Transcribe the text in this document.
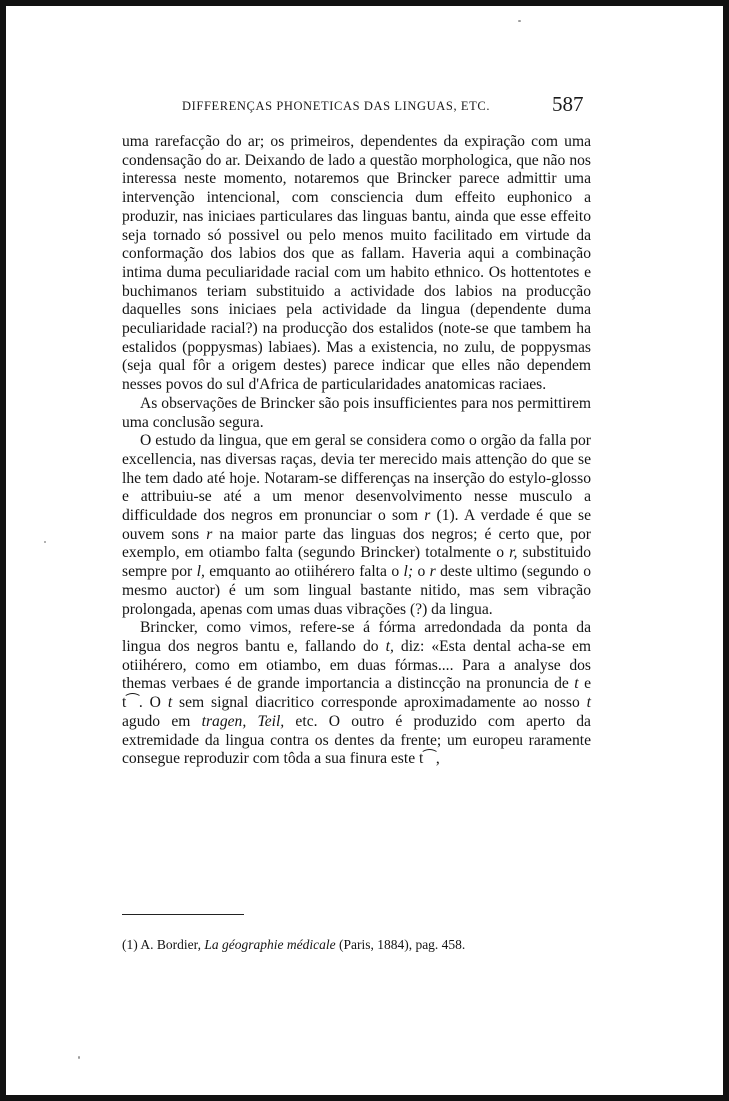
DIFFERENÇAS PHONETICAS DAS LINGUAS, ETC.	587

uma rarefacção do ar; os primeiros, dependentes da expiração com uma condensação do ar. Deixando de lado a questão morphologica, que não nos interessa neste momento, notaremos que Brincker parece admittir uma intervenção intencional, com consciencia dum effeito euphonico a produzir, nas iniciaes particulares das linguas bantu, ainda que esse effeito seja tornado só possivel ou pelo menos muito facilitado em virtude da conformação dos labios dos que as fallam. Haveria aqui a combinação intima duma peculiaridade racial com um habito ethnico. Os hottentotes e buchimanos teriam substituido a actividade dos labios na producção daquelles sons iniciaes pela actividade da lingua (dependente duma peculiaridade racial?) na producção dos estalidos (note-se que tambem ha estalidos (poppysmas) labiaes). Mas a existencia, no zulu, de poppysmas (seja qual fôr a origem destes) parece indicar que elles não dependem nesses povos do sul d'Africa de particularidades anatomicas raciaes.

As observações de Brincker são pois insufficientes para nos permittirem uma conclusão segura.

O estudo da lingua, que em geral se considera como o orgão da falla por excellencia, nas diversas raças, devia ter merecido mais attenção do que se lhe tem dado até hoje. Notaram-se differenças na inserção do estylo-glosso e attribuiu-se até a um menor desenvolvimento nesse musculo a difficuldade dos negros em pronunciar o som r (1). A verdade é que se ouvem sons r na maior parte das linguas dos negros; é certo que, por exemplo, em otiambo falta (segundo Brincker) totalmente o r, substituido sempre por l, emquanto ao otiihérero falta o l; o r deste ultimo (segundo o mesmo auctor) é um som lingual bastante nitido, mas sem vibração prolongada, apenas com umas duas vibrações (?) da lingua.

Brincker, como vimos, refere-se á fórma arredondada da ponta da lingua dos negros bantu e, fallando do t, diz: «Esta dental acha-se em otiihérero, como em otiambo, em duas fórmas.... Para a analyse dos themas verbaes é de grande importancia a distincção na pronuncia de t e t⁀. O t sem signal diacritico corresponde aproximadamente ao nosso t agudo em tragen, Teil, etc. O outro é produzido com aperto da extremidade da lingua contra os dentes da frente; um europeu raramente consegue reproduzir com tôda a sua finura este t⁀,

(1) A. Bordier, La géographie médicale (Paris, 1884), pag. 458.
